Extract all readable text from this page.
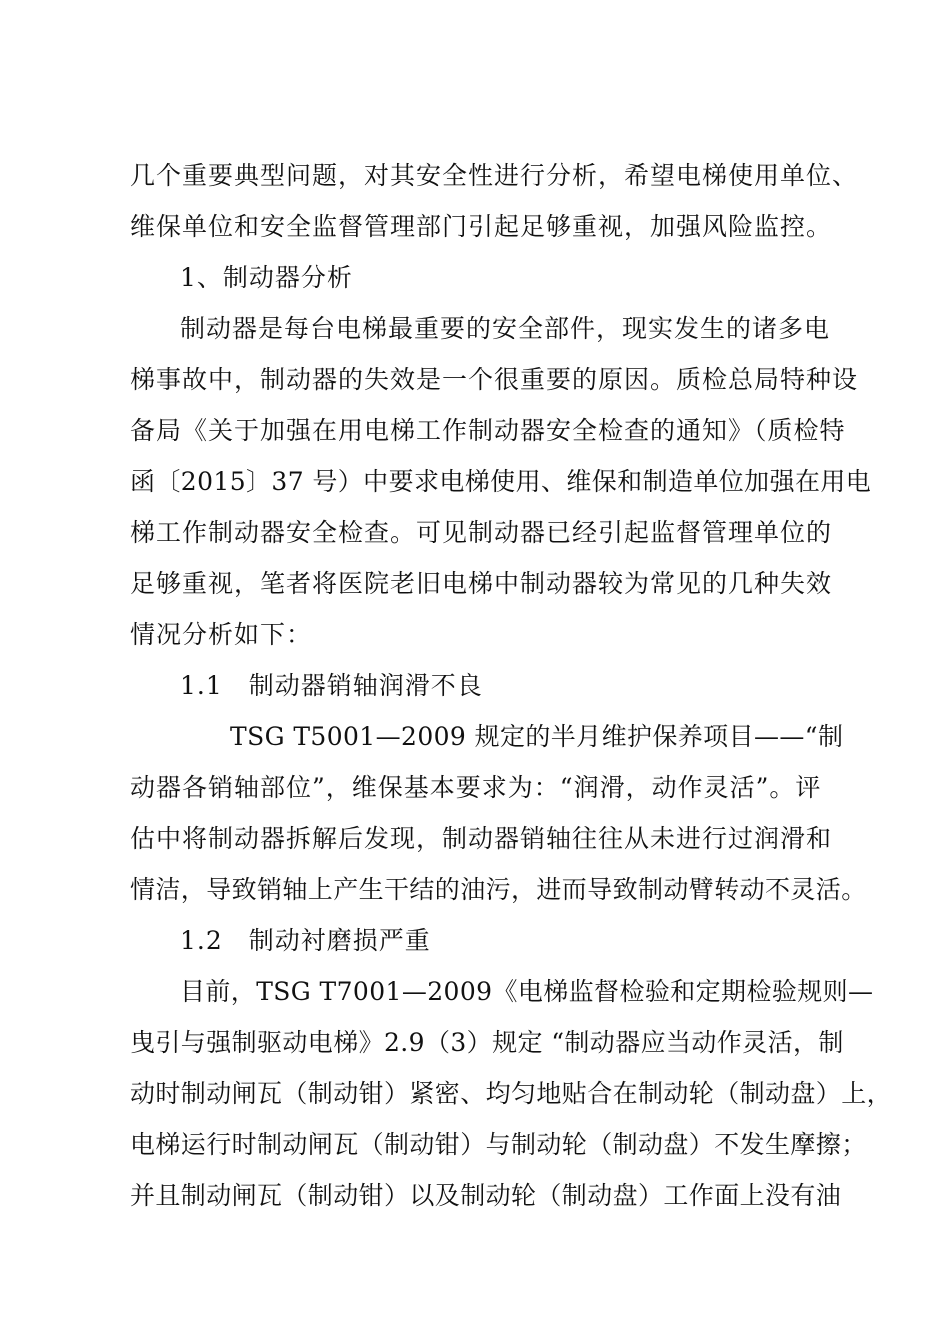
几个重要典型问题，对其安全性进行分析，希望电梯使用单位、
维保单位和安全监督管理部门引起足够重视，加强风险监控。
1、制动器分析
制动器是每台电梯最重要的安全部件，现实发生的诸多电
梯事故中，制动器的失效是一个很重要的原因。质检总局特种设
备局《关于加强在用电梯工作制动器安全检查的通知》（质检特
函〔2015〕37 号）中要求电梯使用、维保和制造单位加强在用电
梯工作制动器安全检查。可见制动器已经引起监督管理单位的
足够重视，笔者将医院老旧电梯中制动器较为常见的几种失效
情况分析如下：
1.1　制动器销轴润滑不良
TSG T5001—2009 规定的半月维护保养项目——“制
动器各销轴部位”，维保基本要求为：“润滑，动作灵活”。评
估中将制动器拆解后发现，制动器销轴往往从未进行过润滑和
情洁，导致销轴上产生干结的油污，进而导致制动臂转动不灵活。
1.2　制动衬磨损严重
目前，TSG T7001—2009《电梯监督检验和定期检验规则—
曳引与强制驱动电梯》2.9（3）规定 “制动器应当动作灵活，制
动时制动闸瓦（制动钳）紧密、均匀地贴合在制动轮（制动盘）上，
电梯运行时制动闸瓦（制动钳）与制动轮（制动盘）不发生摩擦；
并且制动闸瓦（制动钳）以及制动轮（制动盘）工作面上没有油
